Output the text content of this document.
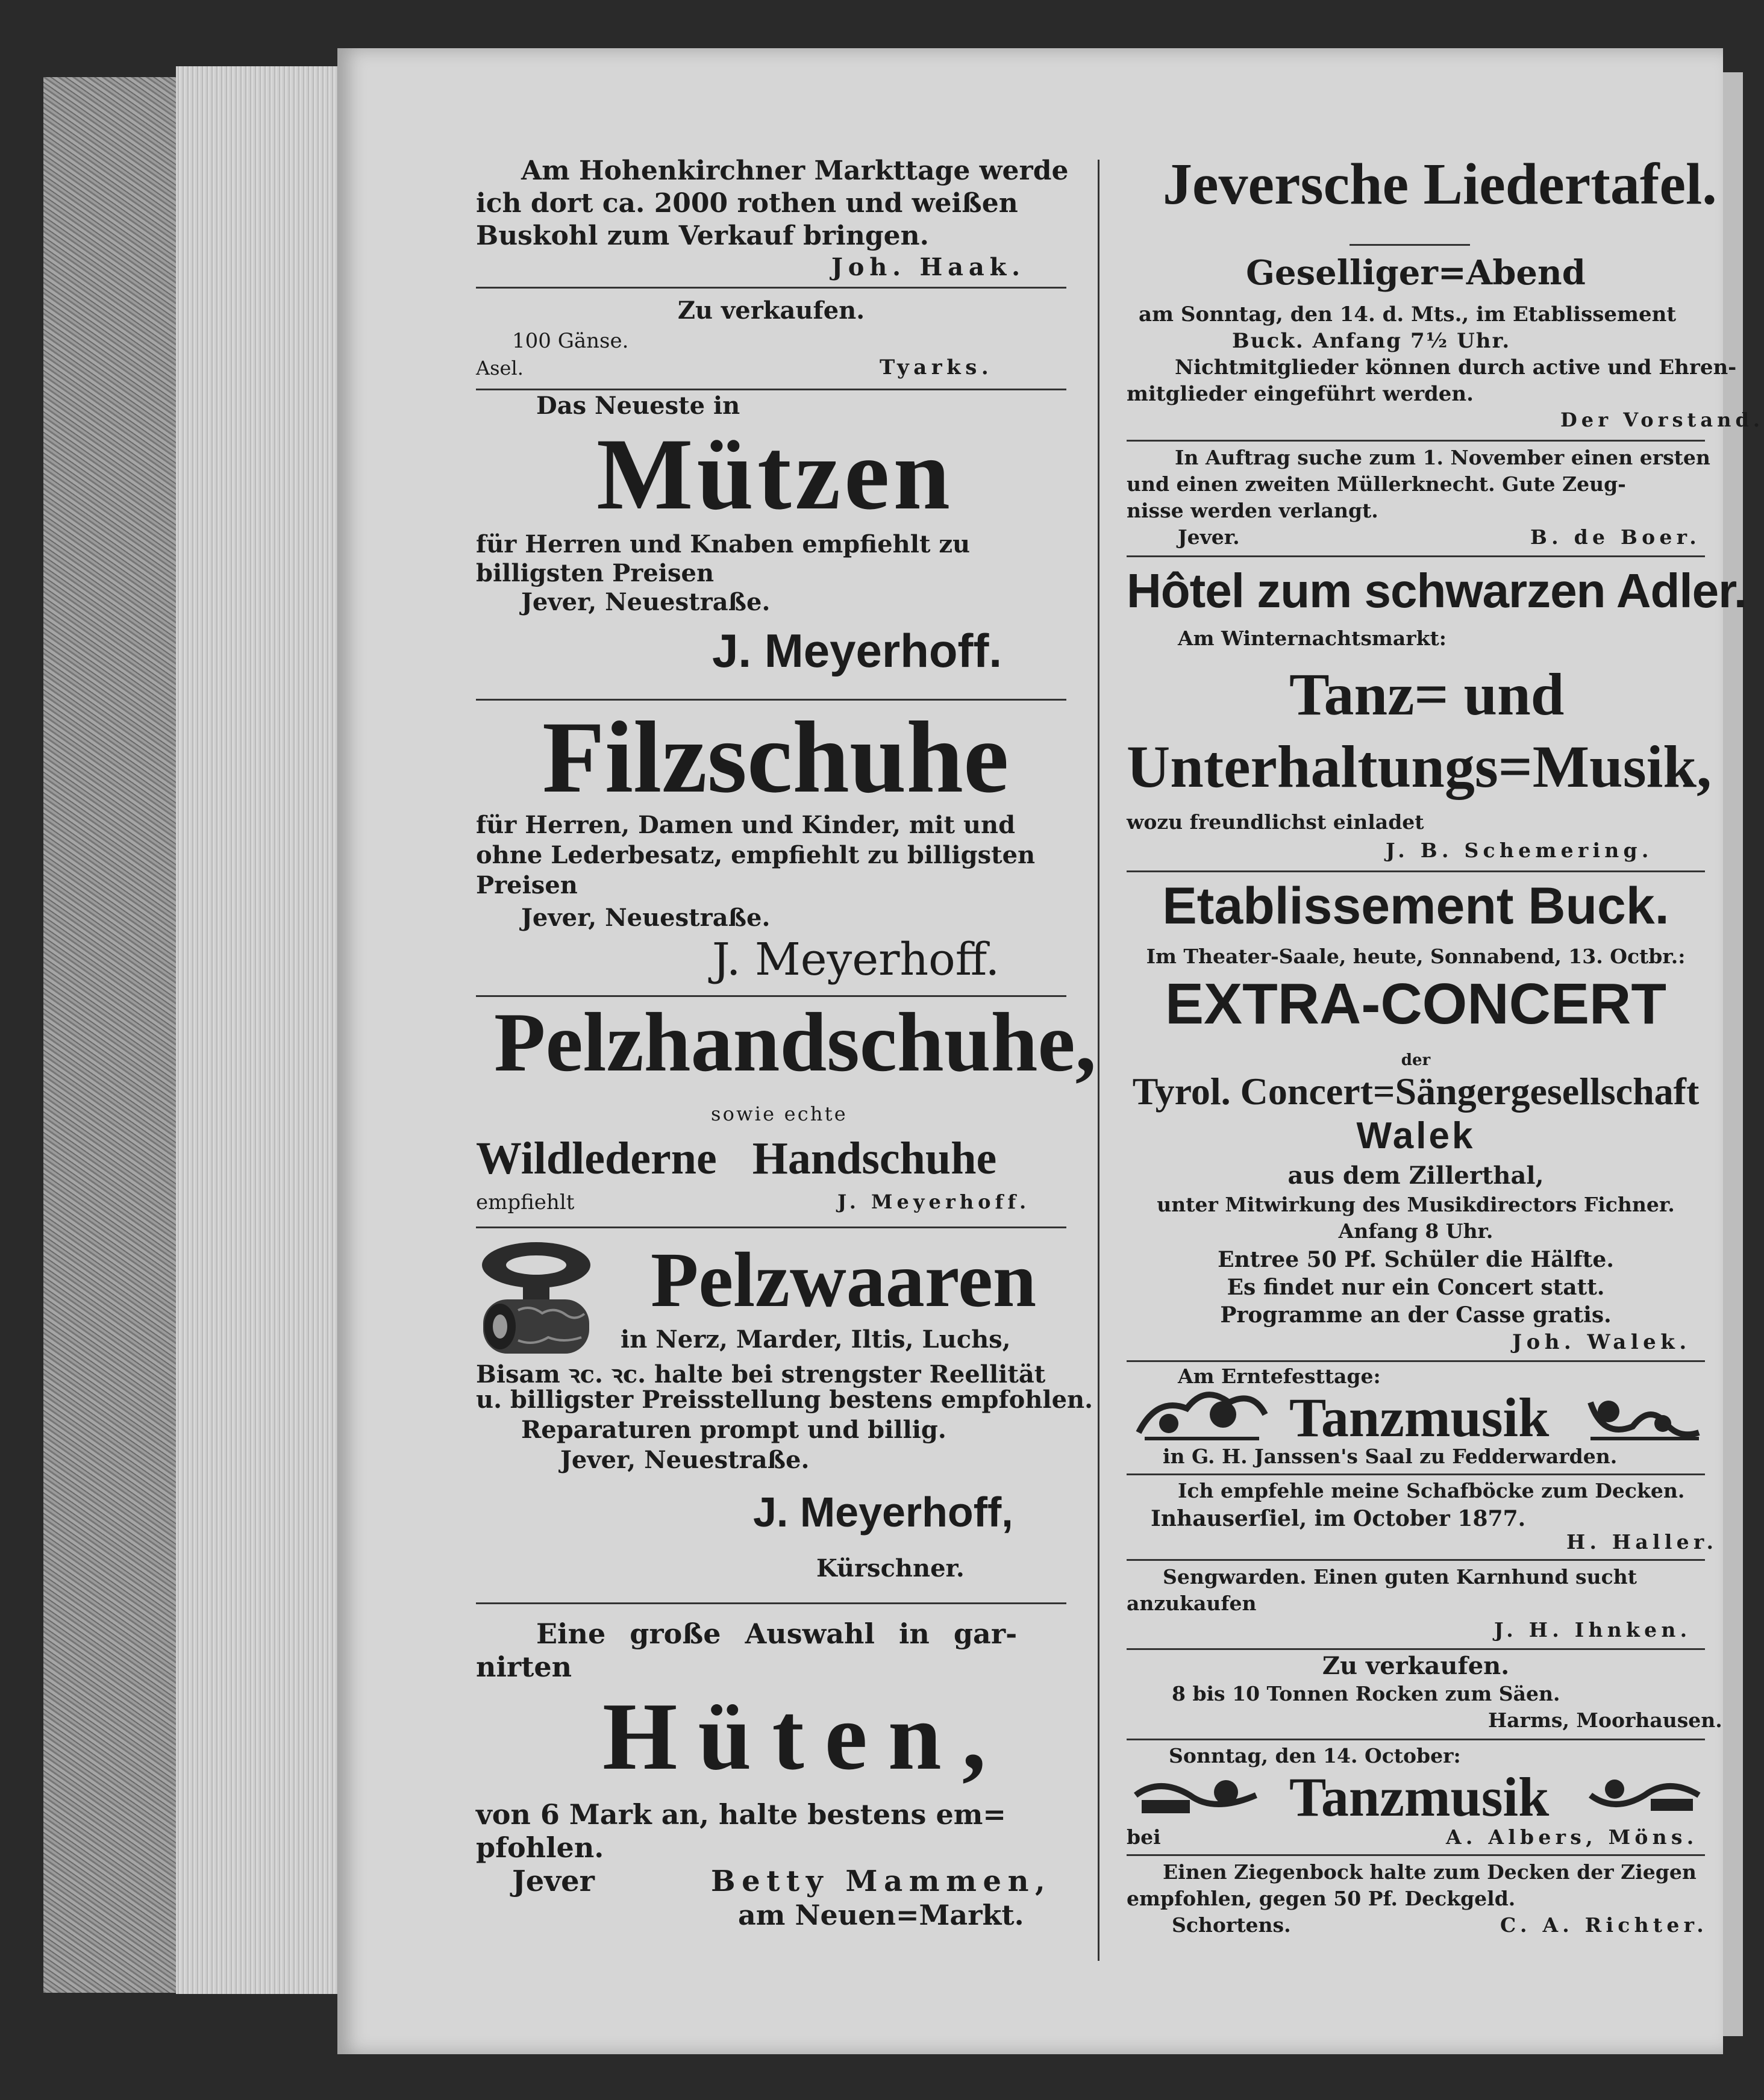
Am Hohenkirchner Markttage werde
ich dort ca. 2000 rothen und weißen
Buskohl zum Verkauf bringen.
Joh. Haak.
Zu verkaufen.
100 Gänse.
Asel.	Tyarks.
Das Neueste in
Mützen
für Herren und Knaben empfiehlt zu
billigsten Preisen
Jever, Neuestraße.
J. Meyerhoff.
Filzschuhe
für Herren, Damen und Kinder, mit und
ohne Lederbesatz, empfiehlt zu billigsten
Preisen
Jever, Neuestraße.
J. Meyerhoff.
Pelzhandschuhe,
sowie echte
Wildlederne Handschuhe
empfiehlt	J. Meyerhoff.
Pelzwaaren
in Nerz, Marder, Iltis, Luchs,
Bisam ꝛc. ꝛc. halte bei strengster Reellität
u. billigster Preisstellung bestens empfohlen.
Reparaturen prompt und billig.
Jever, Neuestraße.
J. Meyerhoff,
Kürschner.
Eine große Auswahl in gar-
nirten
Hüten,
von 6 Mark an, halte bestens em=
pfohlen.
Jever	Betty Mammen,
am Neuen=Markt.
Jeversche Liedertafel.
Geselliger=Abend
am Sonntag, den 14. d. Mts., im Etablissement
Buck. Anfang 7½ Uhr.
Nichtmitglieder können durch active und Ehren-
mitglieder eingeführt werden.
Der Vorstand.
In Auftrag suche zum 1. November einen ersten
und einen zweiten Müllerknecht. Gute Zeug-
nisse werden verlangt.
Jever.	B. de Boer.
Hôtel zum schwarzen Adler.
Am Winternachtsmarkt:
Tanz= und
Unterhaltungs=Musik,
wozu freundlichst einladet
J. B. Schemering.
Etablissement Buck.
Im Theater-Saale, heute, Sonnabend, 13. Octbr.:
EXTRA-CONCERT
der
Tyrol. Concert=Sängergesellschaft
Walek
aus dem Zillerthal,
unter Mitwirkung des Musikdirectors Fichner.
Anfang 8 Uhr.
Entree 50 Pf. Schüler die Hälfte.
Es findet nur ein Concert statt.
Programme an der Casse gratis.
Joh. Walek.
Am Erntefesttage:
Tanzmusik
in G. H. Janssen's Saal zu Fedderwarden.
Ich empfehle meine Schafböcke zum Decken.
Inhauserſiel, im October 1877.
H. Haller.
Sengwarden. Einen guten Karnhund sucht
anzukaufen
J. H. Ihnken.
Zu verkaufen.
8 bis 10 Tonnen Rocken zum Säen.
Harms, Moorhausen.
Sonntag, den 14. October:
Tanzmusik
bei	A. Albers, Möns.
Einen Ziegenbock halte zum Decken der Ziegen
empfohlen, gegen 50 Pf. Deckgeld.
Schortens.	C. A. Richter.
